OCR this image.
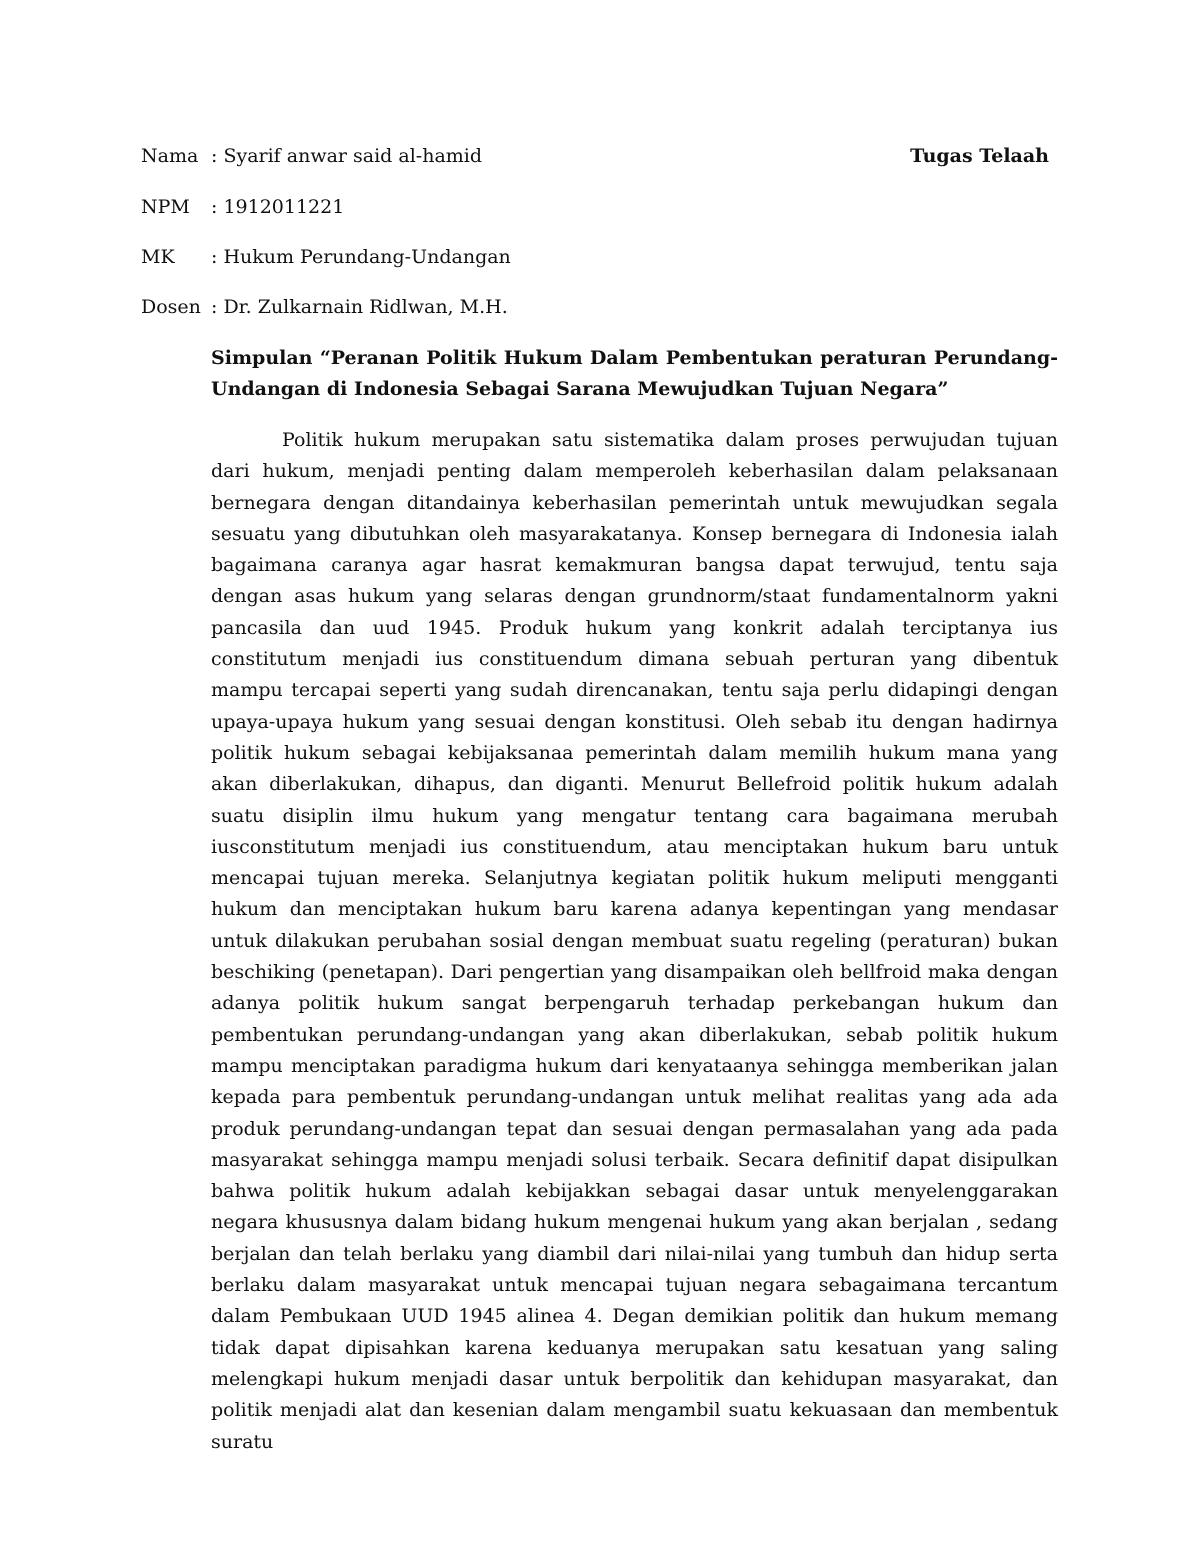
Nama : Syarif anwar said al-hamid	Tugas Telaah
NPM : 1912011221
MK : Hukum Perundang-Undangan
Dosen : Dr. Zulkarnain Ridlwan, M.H.

Simpulan “Peranan Politik Hukum Dalam Pembentukan peraturan Perundang-Undangan di Indonesia Sebagai Sarana Mewujudkan Tujuan Negara”

Politik hukum merupakan satu sistematika dalam proses perwujudan tujuan dari hukum, menjadi penting dalam memperoleh keberhasilan dalam pelaksanaan bernegara dengan ditandainya keberhasilan pemerintah untuk mewujudkan segala sesuatu yang dibutuhkan oleh masyarakatanya. Konsep bernegara di Indonesia ialah bagaimana caranya agar hasrat kemakmuran bangsa dapat terwujud, tentu saja dengan asas hukum yang selaras dengan grundnorm/staat fundamentalnorm yakni pancasila dan uud 1945. Produk hukum yang konkrit adalah terciptanya ius constitutum menjadi ius constituendum dimana sebuah perturan yang dibentuk mampu tercapai seperti yang sudah direncanakan, tentu saja perlu didapingi dengan upaya-upaya hukum yang sesuai dengan konstitusi. Oleh sebab itu dengan hadirnya politik hukum sebagai kebijaksanaa pemerintah dalam memilih hukum mana yang akan diberlakukan, dihapus, dan diganti. Menurut Bellefroid politik hukum adalah suatu disiplin ilmu hukum yang mengatur tentang cara bagaimana merubah iusconstitutum menjadi ius constituendum, atau menciptakan hukum baru untuk mencapai tujuan mereka. Selanjutnya kegiatan politik hukum meliputi mengganti hukum dan menciptakan hukum baru karena adanya kepentingan yang mendasar untuk dilakukan perubahan sosial dengan membuat suatu regeling (peraturan) bukan beschiking (penetapan). Dari pengertian yang disampaikan oleh bellfroid maka dengan adanya politik hukum sangat berpengaruh terhadap perkebangan hukum dan pembentukan perundang-undangan yang akan diberlakukan, sebab politik hukum mampu menciptakan paradigma hukum dari kenyataanya sehingga memberikan jalan kepada para pembentuk perundang-undangan untuk melihat realitas yang ada ada produk perundang-undangan tepat dan sesuai dengan permasalahan yang ada pada masyarakat sehingga mampu menjadi solusi terbaik. Secara definitif dapat disipulkan bahwa politik hukum adalah kebijakkan sebagai dasar untuk menyelenggarakan negara khususnya dalam bidang hukum mengenai hukum yang akan berjalan , sedang berjalan dan telah berlaku yang diambil dari nilai-nilai yang tumbuh dan hidup serta berlaku dalam masyarakat untuk mencapai tujuan negara sebagaimana tercantum dalam Pembukaan UUD 1945 alinea 4. Degan demikian politik dan hukum memang tidak dapat dipisahkan karena keduanya merupakan satu kesatuan yang saling melengkapi hukum menjadi dasar untuk berpolitik dan kehidupan masyarakat, dan politik menjadi alat dan kesenian dalam mengambil suatu kekuasaan dan membentuk suratu
